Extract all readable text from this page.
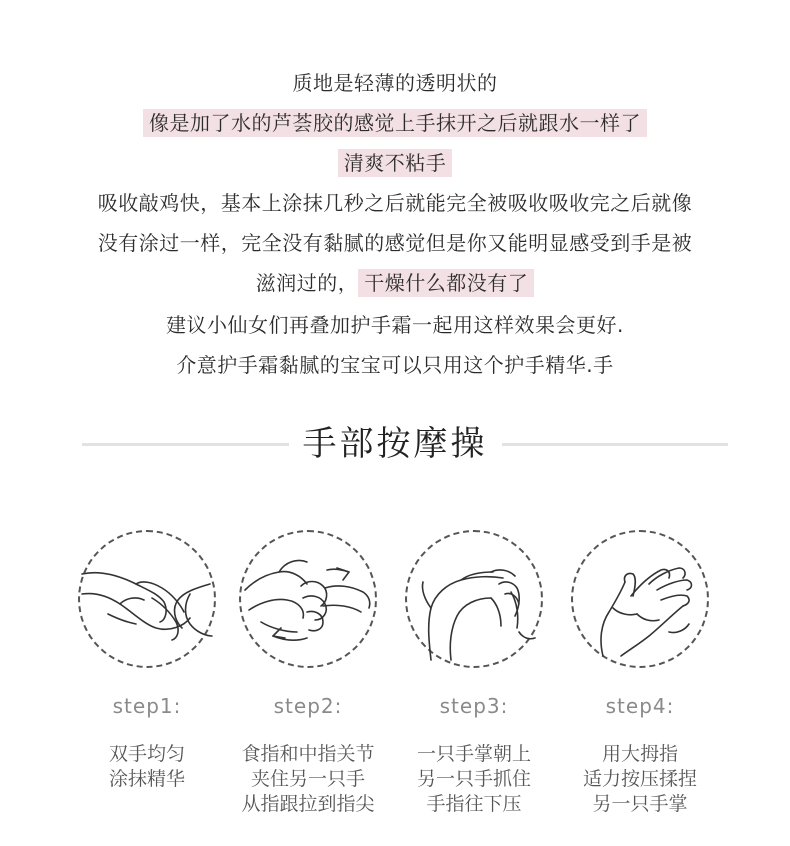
质地是轻薄的透明状的
像是加了水的芦荟胶的感觉上手抹开之后就跟水一样了
清爽不粘手
吸收敲鸡快，基本上涂抹几秒之后就能完全被吸收吸收完之后就像
没有涂过一样，完全没有黏腻的感觉但是你又能明显感受到手是被
滋润过的， 干燥什么都没有了
建议小仙女们再叠加护手霜一起用这样效果会更好.
介意护手霜黏腻的宝宝可以只用这个护手精华.手
手部按摩操
step1:
双手均匀
涂抹精华
step2:
食指和中指关节
夹住另一只手
从指跟拉到指尖
step3:
一只手掌朝上
另一只手抓住
手指往下压
step4:
用大拇指
适力按压揉捏
另一只手掌
